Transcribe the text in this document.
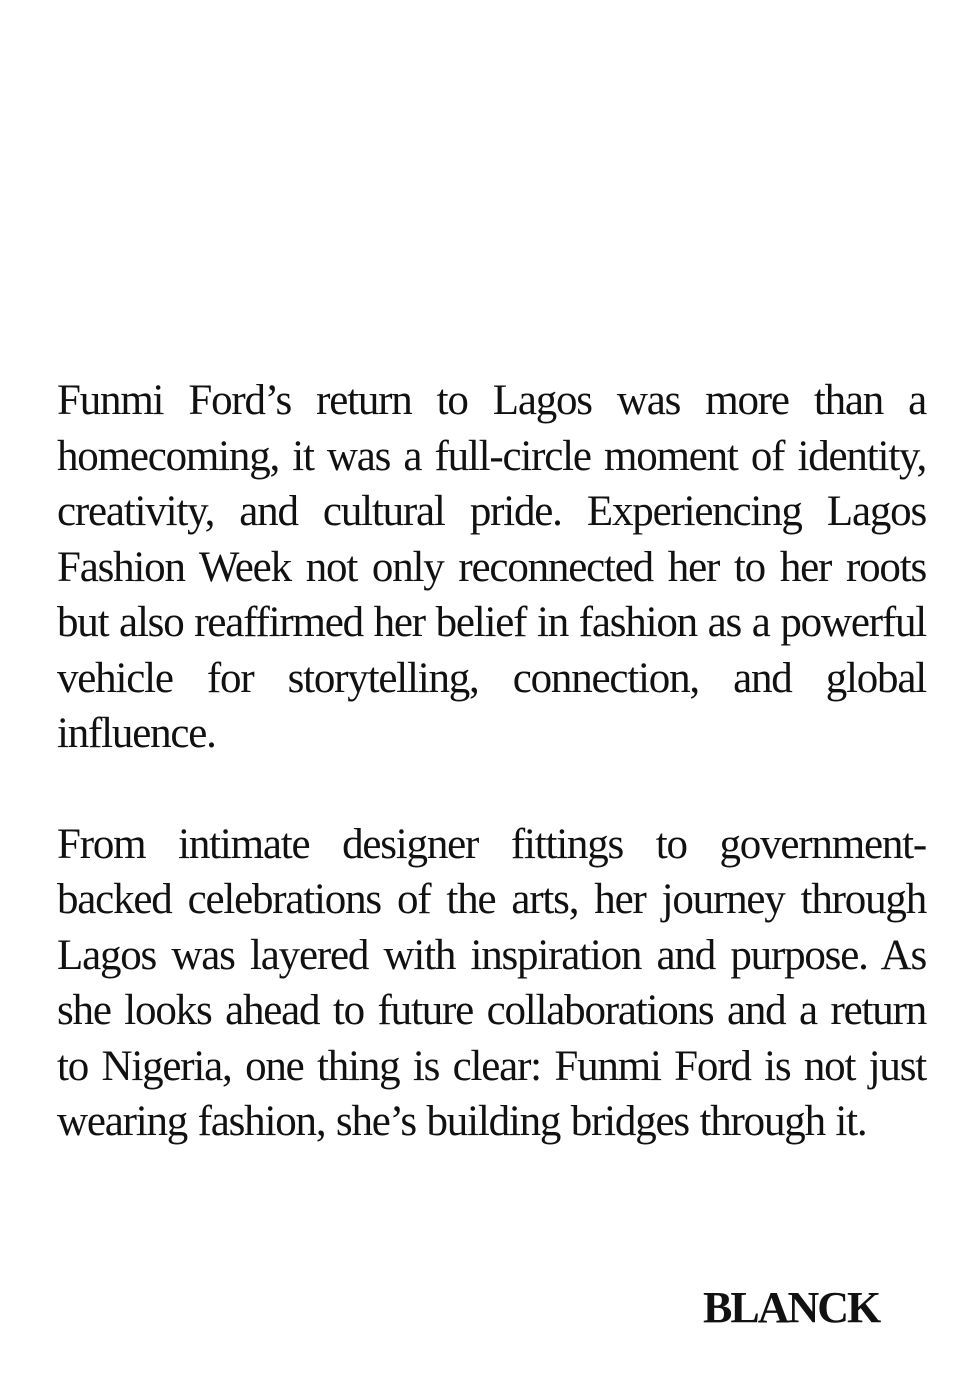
Funmi Ford’s return to Lagos was more than a homecoming, it was a full-circle moment of identity, creativity, and cultural pride. Experiencing Lagos Fashion Week not only reconnected her to her roots but also reaffirmed her belief in fashion as a powerful vehicle for storytelling, connection, and global influence.

From intimate designer fittings to government-backed celebrations of the arts, her journey through Lagos was layered with inspiration and purpose. As she looks ahead to future collaborations and a return to Nigeria, one thing is clear: Funmi Ford is not just wearing fashion, she’s building bridges through it.

BLANCK
